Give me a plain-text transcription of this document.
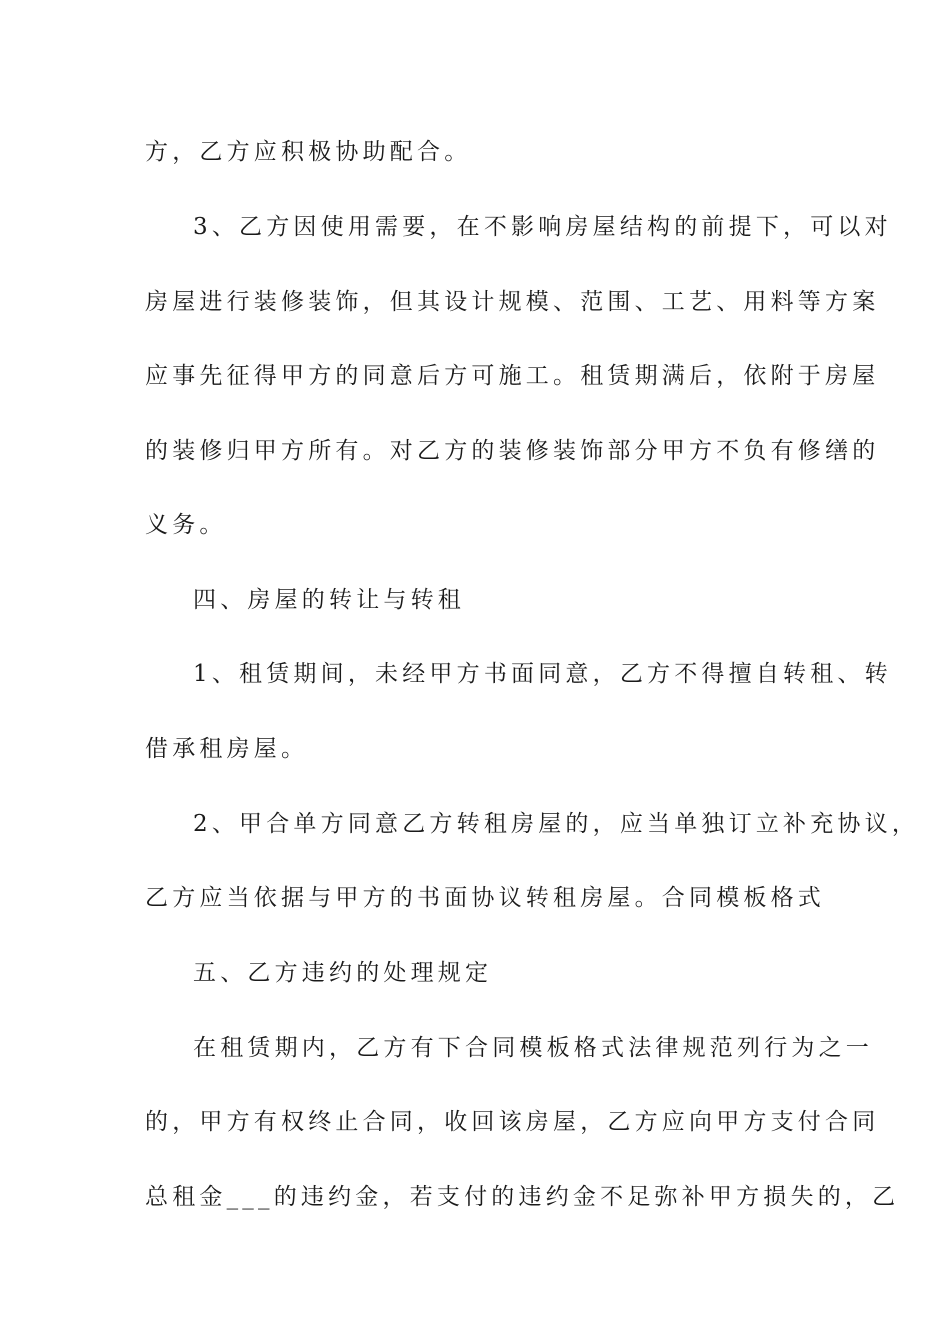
方，乙方应积极协助配合。
3、乙方因使用需要，在不影响房屋结构的前提下，可以对
房屋进行装修装饰，但其设计规模、范围、工艺、用料等方案
应事先征得甲方的同意后方可施工。租赁期满后，依附于房屋
的装修归甲方所有。对乙方的装修装饰部分甲方不负有修缮的
义务。
四、房屋的转让与转租
1、租赁期间，未经甲方书面同意，乙方不得擅自转租、转
借承租房屋。
2、甲合单方同意乙方转租房屋的，应当单独订立补充协议，
乙方应当依据与甲方的书面协议转租房屋。合同模板格式
五、乙方违约的处理规定
在租赁期内，乙方有下合同模板格式法律规范列行为之一
的，甲方有权终止合同，收回该房屋，乙方应向甲方支付合同
总租金___的违约金，若支付的违约金不足弥补甲方损失的，乙
